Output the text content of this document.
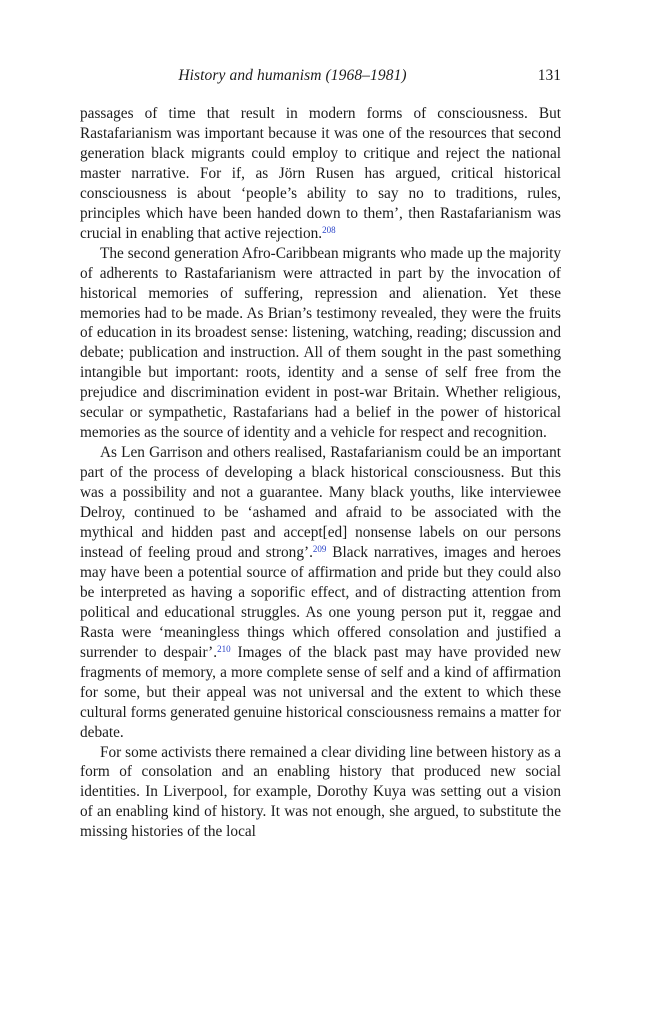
History and humanism (1968–1981)	131

passages of time that result in modern forms of consciousness. But Rastafarianism was important because it was one of the resources that second generation black migrants could employ to critique and reject the national master narrative. For if, as Jörn Rusen has argued, critical historical consciousness is about ‘people’s ability to say no to traditions, rules, principles which have been handed down to them’, then Rastafarianism was crucial in enabling that active rejection.$^{208}$

The second generation Afro-Caribbean migrants who made up the majority of adherents to Rastafarianism were attracted in part by the invocation of historical memories of suffering, repression and alienation. Yet these memories had to be made. As Brian’s testimony revealed, they were the fruits of education in its broadest sense: listening, watching, reading; discussion and debate; publication and instruction. All of them sought in the past something intangible but important: roots, identity and a sense of self free from the prejudice and discrimination evident in post-war Britain. Whether religious, secular or sympathetic, Rastafarians had a belief in the power of historical memories as the source of identity and a vehicle for respect and recognition.

As Len Garrison and others realised, Rastafarianism could be an important part of the process of developing a black historical consciousness. But this was a possibility and not a guarantee. Many black youths, like interviewee Delroy, continued to be ‘ashamed and afraid to be associated with the mythical and hidden past and accept[ed] nonsense labels on our persons instead of feeling proud and strong’.$^{209}$ Black narratives, images and heroes may have been a potential source of affirmation and pride but they could also be interpreted as having a soporific effect, and of distracting attention from political and educational struggles. As one young person put it, reggae and Rasta were ‘meaningless things which offered consolation and justified a surrender to despair’.$^{210}$ Images of the black past may have provided new fragments of memory, a more complete sense of self and a kind of affirmation for some, but their appeal was not universal and the extent to which these cultural forms generated genuine historical consciousness remains a matter for debate.

For some activists there remained a clear dividing line between history as a form of consolation and an enabling history that produced new social identities. In Liverpool, for example, Dorothy Kuya was setting out a vision of an enabling kind of history. It was not enough, she argued, to substitute the missing histories of the local
